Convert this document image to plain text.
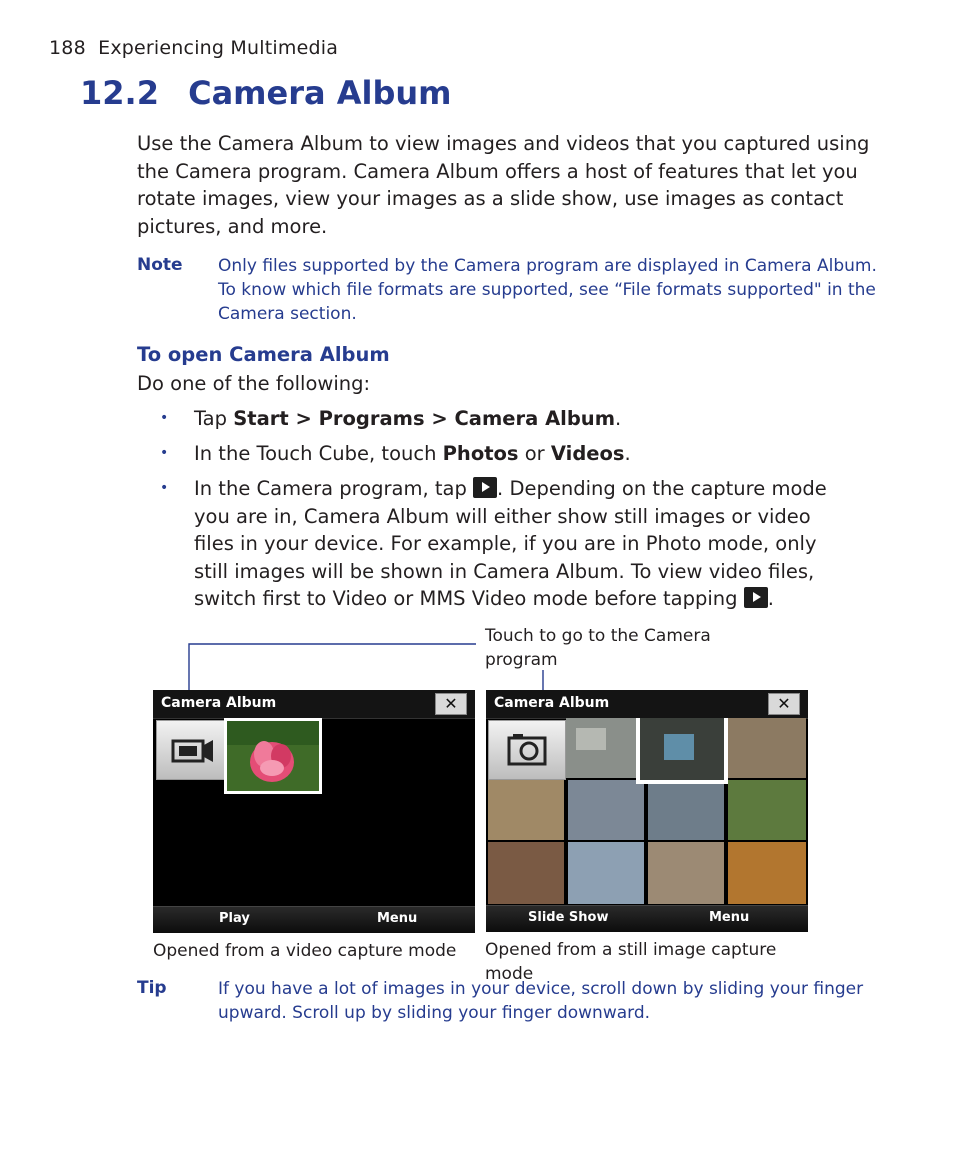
188 Experiencing Multimedia
12.2 Camera Album
Use the Camera Album to view images and videos that you captured using the Camera program. Camera Album offers a host of features that let you rotate images, view your images as a slide show, use images as contact pictures, and more.
Note Only files supported by the Camera program are displayed in Camera Album.
To know which file formats are supported, see “File formats supported" in the
Camera section.
To open Camera Album
Do one of the following:
• Tap Start > Programs > Camera Album.
• In the Touch Cube, touch Photos or Videos.
• In the Camera program, tap . Depending on the capture mode you are in, Camera Album will either show still images or video files in your device. For example, if you are in Photo mode, only still images will be shown in Camera Album. To view video files, switch first to Video or MMS Video mode before tapping .
Touch to go to the Camera
program
Camera Album	✕
Play	Menu
Camera Album	✕
Slide Show	Menu
Opened from a video capture mode	Opened from a still image capture mode
Tip	If you have a lot of images in your device, scroll down by sliding your finger
upward. Scroll up by sliding your finger downward.
